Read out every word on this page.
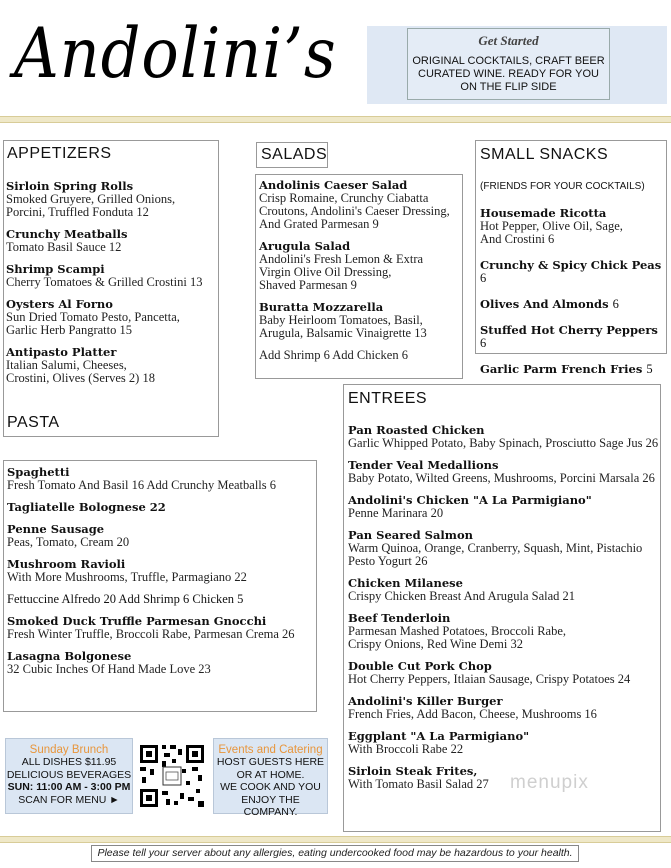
Andolini’s	Get Started
ORIGINAL COCKTAILS, CRAFT BEER
CURATED WINE. READY FOR YOU
ON THE FLIP SIDE
APPETIZERS
Sirloin Spring Rolls
Smoked Gruyere, Grilled Onions,
Porcini, Truffled Fonduta 12
Crunchy Meatballs
Tomato Basil Sauce 12
Shrimp Scampi
Cherry Tomatoes & Grilled Crostini 13
Oysters Al Forno
Sun Dried Tomato Pesto, Pancetta,
Garlic Herb Pangratto 15
Antipasto Platter
Italian Salumi, Cheeses,
Crostini, Olives (Serves 2) 18
PASTA
Spaghetti
Fresh Tomato And Basil 16 Add Crunchy Meatballs 6
Tagliatelle Bolognese 22
Penne Sausage
Peas, Tomato, Cream 20
Mushroom Ravioli
With More Mushrooms, Truffle, Parmagiano 22
Fettuccine Alfredo 20 Add Shrimp 6 Chicken 5
Smoked Duck Truffle Parmesan Gnocchi
Fresh Winter Truffle, Broccoli Rabe, Parmesan Crema 26
Lasagna Bolgonese
32 Cubic Inches Of Hand Made Love 23
SALADS
Andolinis Caeser Salad
Crisp Romaine, Crunchy Ciabatta
Croutons, Andolini's Caeser Dressing,
And Grated Parmesan 9
Arugula Salad
Andolini's Fresh Lemon & Extra
Virgin Olive Oil Dressing,
Shaved Parmesan 9
Buratta Mozzarella
Baby Heirloom Tomatoes, Basil,
Arugula, Balsamic Vinaigrette 13
Add Shrimp 6 Add Chicken 6
SMALL SNACKS
(FRIENDS FOR YOUR COCKTAILS)
Housemade Ricotta
Hot Pepper, Olive Oil, Sage,
And Crostini 6
Crunchy & Spicy Chick Peas 6
Olives And Almonds 6
Stuffed Hot Cherry Peppers 6
Garlic Parm French Fries 5
ENTREES
Pan Roasted Chicken
Garlic Whipped Potato, Baby Spinach, Prosciutto Sage Jus 26
Tender Veal Medallions
Baby Potato, Wilted Greens, Mushrooms, Porcini Marsala 26
Andolini's Chicken "A La Parmigiano"
Penne Marinara 20
Pan Seared Salmon
Warm Quinoa, Orange, Cranberry, Squash, Mint, Pistachio
Pesto Yogurt 26
Chicken Milanese
Crispy Chicken Breast And Arugula Salad 21
Beef Tenderloin
Parmesan Mashed Potatoes, Broccoli Rabe,
Crispy Onions, Red Wine Demi 32
Double Cut Pork Chop
Hot Cherry Peppers, Itlaian Sausage, Crispy Potatoes 24
Andolini's Killer Burger
French Fries, Add Bacon, Cheese, Mushrooms 16
Eggplant "A La Parmigiano"
With Broccoli Rabe 22
Sirloin Steak Frites,
With Tomato Basil Salad 27
Sunday Brunch
ALL DISHES $11.95
DELICIOUS BEVERAGES
SUN: 11:00 AM - 3:00 PM
SCAN FOR MENU ►
Events and Catering
HOST GUESTS HERE
OR AT HOME.
WE COOK AND YOU
ENJOY THE COMPANY.
menupix
Please tell your server about any allergies, eating undercooked food may be hazardous to your health.
